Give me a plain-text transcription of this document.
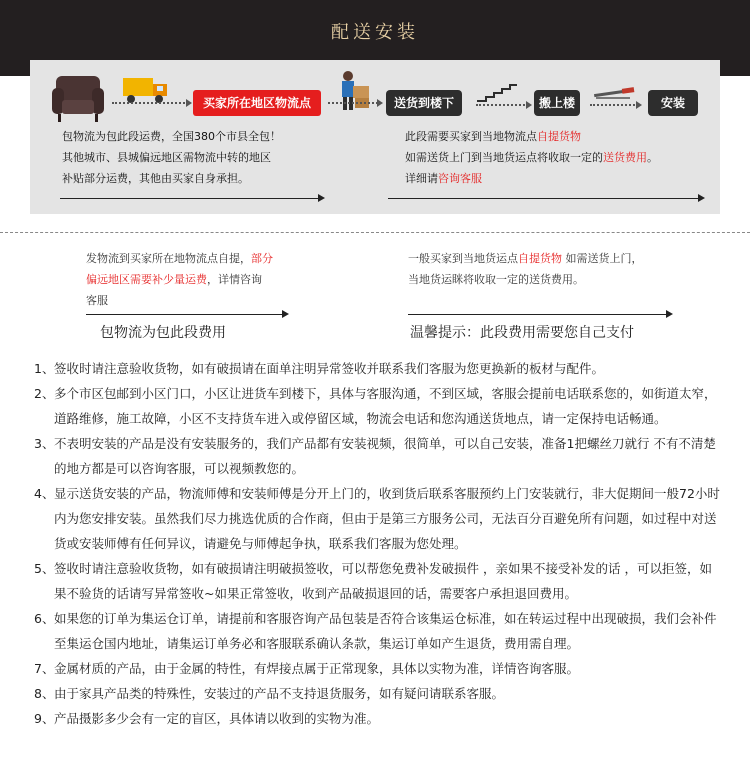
配送安装
买家所在地区物流点	送货到楼下	搬上楼	安装
包物流为包此段运费，全国380个市县全包！
其他城市、县城偏远地区需物流中转的地区
补贴部分运费，其他由买家自身承担。
此段需要买家到当地物流点自提货物
如需送货上门到当地货运点将收取一定的送货费用。
详细请咨询客服
发物流到买家所在地物流点自提，部分
偏远地区需要补少量运费，详情咨询
客服
包物流为包此段费用
一般买家到当地货运点自提货物 如需送货上门，
当地货运眯将收取一定的送货费用。
温馨提示：此段费用需要您自己支付
1、 签收时请注意验收货物，如有破损请在面单注明异常签收并联系我们客服为您更换新的板材与配件。
2、 多个市区包邮到小区门口，小区让进货车到楼下，具体与客服沟通，不到区域，客服会提前电话联系您的，如街道太窄，道路维修，施工故障，小区不支持货车进入或停留区域，物流会电话和您沟通送货地点，请一定保持电话畅通。
3、 不表明安装的产品是没有安装服务的，我们产品都有安装视频，很简单，可以自己安装，准备1把螺丝刀就行 不有不清楚的地方都是可以咨询客服，可以视频教您的。
4、 显示送货安装的产品，物流师傅和安装师傅是分开上门的，收到货后联系客服预约上门安装就行，非大促期间一般72小时内为您安排安装。虽然我们尽力挑选优质的合作商，但由于是第三方服务公司，无法百分百避免所有问题，如过程中对送货或安装师傅有任何异议，请避免与师傅起争执，联系我们客服为您处理。
5、 签收时请注意验收货物，如有破损请注明破损签收，可以帮您免费补发破损件 ，亲如果不接受补发的话 ，可以拒签，如果不验货的话请写异常签收~如果正常签收，收到产品破损退回的话，需要客户承担退回费用。
6、 如果您的订单为集运仓订单，请提前和客服咨询产品包装是否符合该集运仓标准，如在转运过程中出现破损，我们会补件至集运仓国内地址，请集运订单务必和客服联系确认条款，集运订单如产生退货，费用需自理。
7、 金属材质的产品，由于金属的特性，有焊接点属于正常现象，具体以实物为准，详情咨询客服。
8、 由于家具产品类的特殊性，安装过的产品不支持退货服务，如有疑问请联系客服。
9、 产品摄影多少会有一定的盲区，具体请以收到的实物为准。
